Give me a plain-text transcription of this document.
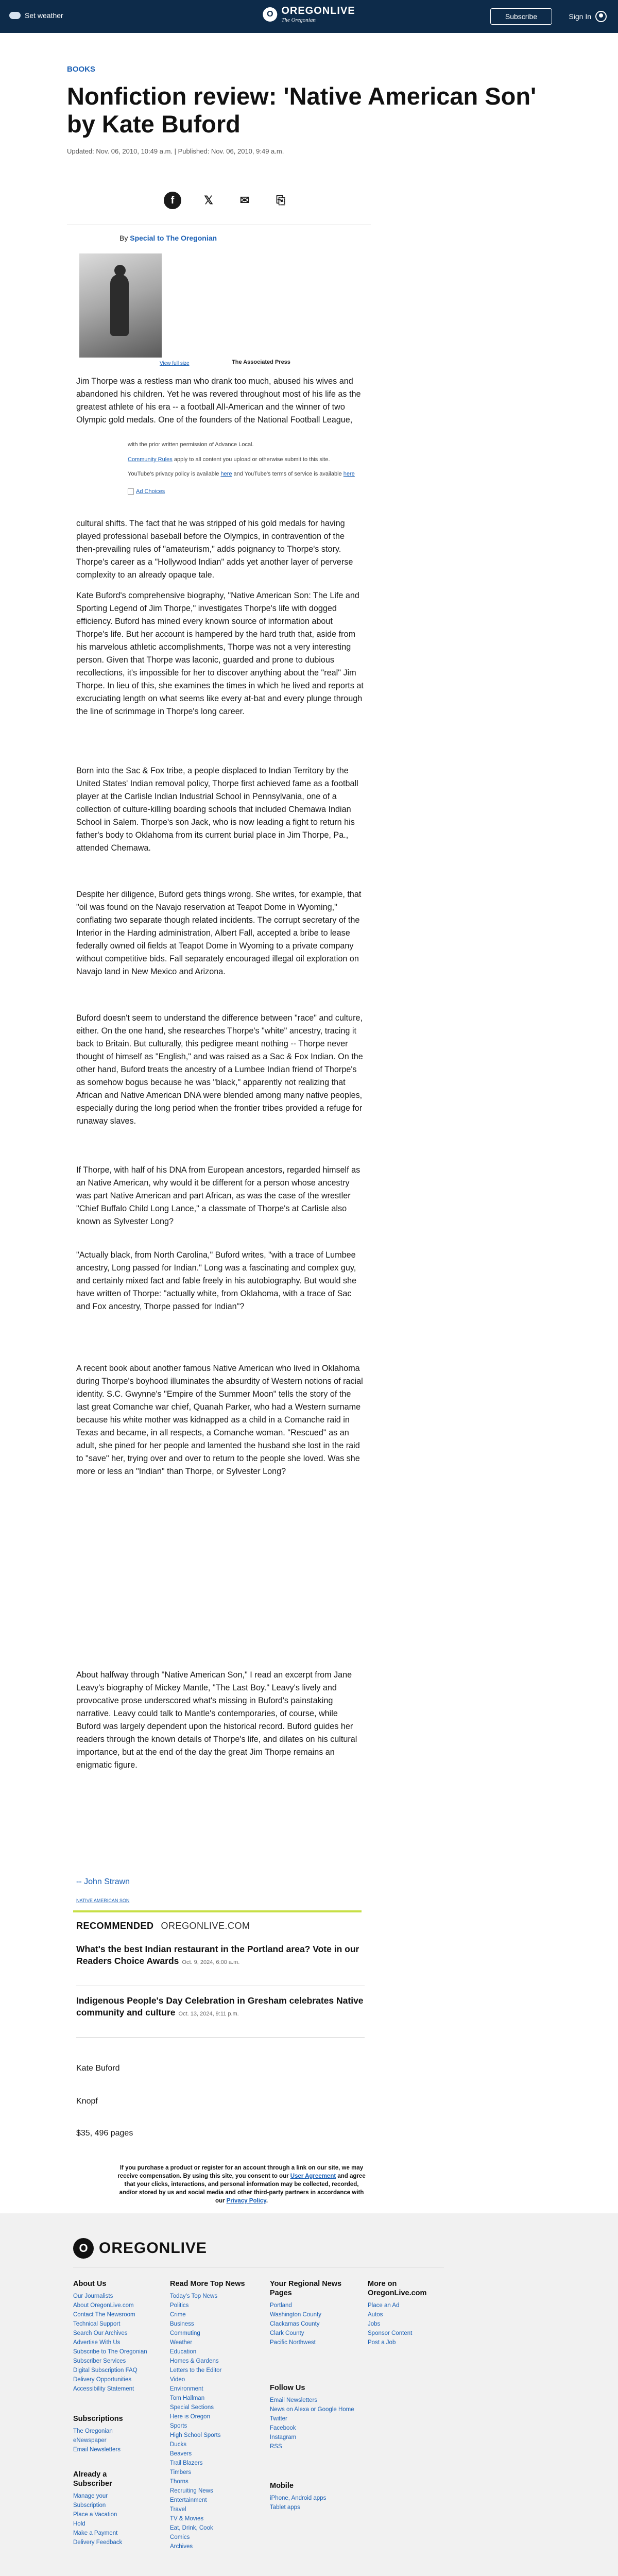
Set weather	O OREGONLIVE
The Oregonian	Subscribe	Sign In
BOOKS
Nonfiction review: 'Native American Son' by Kate Buford
Updated: Nov. 06, 2010, 10:49 a.m. | Published: Nov. 06, 2010, 9:49 a.m.
f	𝕏	✉	⎘
By Special to The Oregonian
View full size	The Associated Press

Jim Thorpe was a restless man who drank too much, abused his wives and abandoned his children. Yet he was revered throughout most of his life as the greatest athlete of his era -- a football All-American and the winner of two Olympic gold medals. One of the founders of the National Football League,

with the prior written permission of Advance Local.
Community Rules apply to all content you upload or otherwise submit to this site.
YouTube's privacy policy is available here and YouTube's terms of service is available here
Ad Choices

cultural shifts. The fact that he was stripped of his gold medals for having played professional baseball before the Olympics, in contravention of the then-prevailing rules of "amateurism," adds poignancy to Thorpe's story. Thorpe's career as a "Hollywood Indian" adds yet another layer of perverse complexity to an already opaque tale.

Kate Buford's comprehensive biography, "Native American Son: The Life and Sporting Legend of Jim Thorpe," investigates Thorpe's life with dogged efficiency. Buford has mined every known source of information about Thorpe's life. But her account is hampered by the hard truth that, aside from his marvelous athletic accomplishments, Thorpe was not a very interesting person. Given that Thorpe was laconic, guarded and prone to dubious recollections, it's impossible for her to discover anything about the "real" Jim Thorpe. In lieu of this, she examines the times in which he lived and reports at excruciating length on what seems like every at-bat and every plunge through the line of scrimmage in Thorpe's long career.

Born into the Sac & Fox tribe, a people displaced to Indian Territory by the United States' Indian removal policy, Thorpe first achieved fame as a football player at the Carlisle Indian Industrial School in Pennsylvania, one of a collection of culture-killing boarding schools that included Chemawa Indian School in Salem. Thorpe's son Jack, who is now leading a fight to return his father's body to Oklahoma from its current burial place in Jim Thorpe, Pa., attended Chemawa.

Despite her diligence, Buford gets things wrong. She writes, for example, that "oil was found on the Navajo reservation at Teapot Dome in Wyoming," conflating two separate though related incidents. The corrupt secretary of the Interior in the Harding administration, Albert Fall, accepted a bribe to lease federally owned oil fields at Teapot Dome in Wyoming to a private company without competitive bids. Fall separately encouraged illegal oil exploration on Navajo land in New Mexico and Arizona.

Buford doesn't seem to understand the difference between "race" and culture, either. On the one hand, she researches Thorpe's "white" ancestry, tracing it back to Britain. But culturally, this pedigree meant nothing -- Thorpe never thought of himself as "English," and was raised as a Sac & Fox Indian. On the other hand, Buford treats the ancestry of a Lumbee Indian friend of Thorpe's as somehow bogus because he was "black," apparently not realizing that African and Native American DNA were blended among many native peoples, especially during the long period when the frontier tribes provided a refuge for runaway slaves.

If Thorpe, with half of his DNA from European ancestors, regarded himself as an Native American, why would it be different for a person whose ancestry was part Native American and part African, as was the case of the wrestler "Chief Buffalo Child Long Lance," a classmate of Thorpe's at Carlisle also known as Sylvester Long?

"Actually black, from North Carolina," Buford writes, "with a trace of Lumbee ancestry, Long passed for Indian." Long was a fascinating and complex guy, and certainly mixed fact and fable freely in his autobiography. But would she have written of Thorpe: "actually white, from Oklahoma, with a trace of Sac and Fox ancestry, Thorpe passed for Indian"?

A recent book about another famous Native American who lived in Oklahoma during Thorpe's boyhood illuminates the absurdity of Western notions of racial identity. S.C. Gwynne's "Empire of the Summer Moon" tells the story of the last great Comanche war chief, Quanah Parker, who had a Western surname because his white mother was kidnapped as a child in a Comanche raid in Texas and became, in all respects, a Comanche woman. "Rescued" as an adult, she pined for her people and lamented the husband she lost in the raid to "save" her, trying over and over to return to the people she loved. Was she more or less an "Indian" than Thorpe, or Sylvester Long?

About halfway through "Native American Son," I read an excerpt from Jane Leavy's biography of Mickey Mantle, "The Last Boy." Leavy's lively and provocative prose underscored what's missing in Buford's painstaking narrative. Leavy could talk to Mantle's contemporaries, of course, while Buford was largely dependent upon the historical record. Buford guides her readers through the known details of Thorpe's life, and dilates on his cultural importance, but at the end of the day the great Jim Thorpe remains an enigmatic figure.

-- John Strawn
NATIVE AMERICAN SON
RECOMMENDED OREGONLIVE.COM
What's the best Indian restaurant in the Portland area? Vote in our Readers Choice Awards Oct. 9, 2024, 6:00 a.m.
Indigenous People's Day Celebration in Gresham celebrates Native community and culture Oct. 13, 2024, 9:11 p.m.
Kate Buford
Knopf
$35, 496 pages
If you purchase a product or register for an account through a link on our site, we may receive compensation. By using this site, you consent to our User Agreement and agree that your clicks, interactions, and personal information may be collected, recorded, and/or stored by us and social media and other third-party partners in accordance with our Privacy Policy.
O OREGONLIVE
About Us
Our Journalists
About OregonLive.com
Contact The Newsroom
Technical Support
Search Our Archives
Advertise With Us
Subscribe to The Oregonian
Subscriber Services
Digital Subscription FAQ
Delivery Opportunities
Accessibility Statement
Subscriptions
The Oregonian
eNewspaper
Email Newsletters
Already a Subscriber
Manage your Subscription
Place a Vacation Hold
Make a Payment
Delivery Feedback
Read More Top News
Today's Top News
Politics
Crime
Business
Commuting
Weather
Education
Homes & Gardens
Letters to the Editor
Video
Environment
Tom Hallman
Special Sections
Here is Oregon
Sports
High School Sports
Ducks
Beavers
Trail Blazers
Timbers
Thorns
Recruiting News
Entertainment
Travel
TV & Movies
Eat, Drink, Cook
Comics
Archives
Your Regional News Pages
Portland
Washington County
Clackamas County
Clark County
Pacific Northwest
Follow Us
Email Newsletters
News on Alexa or Google Home
Twitter
Facebook
Instagram
RSS
Mobile
iPhone, Android apps
Tablet apps
More on OregonLive.com
Place an Ad
Autos
Jobs
Sponsor Content
Post a Job
